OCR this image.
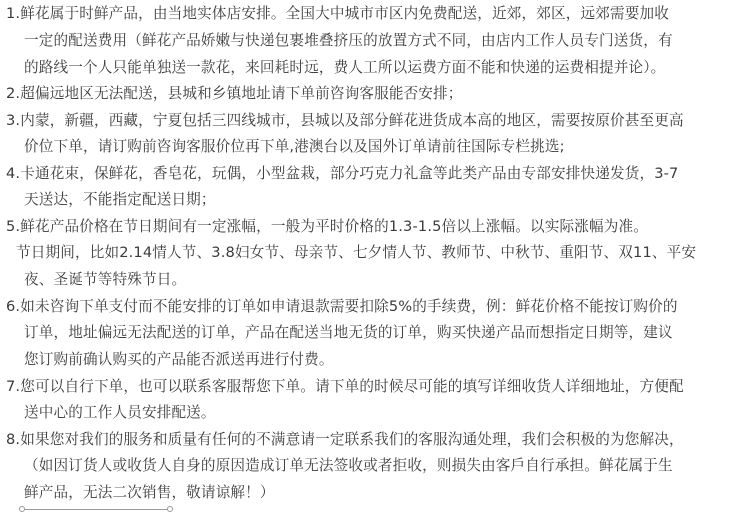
1.鲜花属于时鲜产品，由当地实体店安排。全国大中城市市区内免费配送，近郊，郊区，远郊需要加收
一定的配送费用（鲜花产品娇嫩与快递包裹堆叠挤压的放置方式不同，由店内工作人员专门送货，有
的路线一个人只能单独送一款花，来回耗时远，费人工所以运费方面不能和快递的运费相提并论）。
2.超偏远地区无法配送，县城和乡镇地址请下单前咨询客服能否安排；
3.内蒙，新疆，西藏，宁夏包括三四线城市，县城以及部分鲜花进货成本高的地区，需要按原价甚至更高
价位下单，请订购前咨询客服价位再下单,港澳台以及国外订单请前往国际专栏挑选;
4.卡通花束，保鲜花，香皂花，玩偶，小型盆栽，部分巧克力礼盒等此类产品由专部安排快递发货，3-7
天送达，不能指定配送日期；
5.鲜花产品价格在节日期间有一定涨幅，一般为平时价格的1.3-1.5倍以上涨幅。以实际涨幅为准。
节日期间，比如2.14情人节、3.8妇女节、母亲节、七夕情人节、教师节、中秋节、重阳节、双11、平安
夜、圣诞节等特殊节日。
6.如未咨询下单支付而不能安排的订单如申请退款需要扣除5%的手续费，例：鲜花价格不能按订购价的
订单，地址偏远无法配送的订单，产品在配送当地无货的订单，购买快递产品而想指定日期等，建议
您订购前确认购买的产品能否派送再进行付费。
7.您可以自行下单，也可以联系客服帮您下单。请下单的时候尽可能的填写详细收货人详细地址，方便配
送中心的工作人员安排配送。
8.如果您对我们的服务和质量有任何的不满意请一定联系我们的客服沟通处理，我们会积极的为您解决，
（如因订货人或收货人自身的原因造成订单无法签收或者拒收，则损失由客戶自行承担。鲜花属于生
鲜产品，无法二次销售，敬请谅解！）
